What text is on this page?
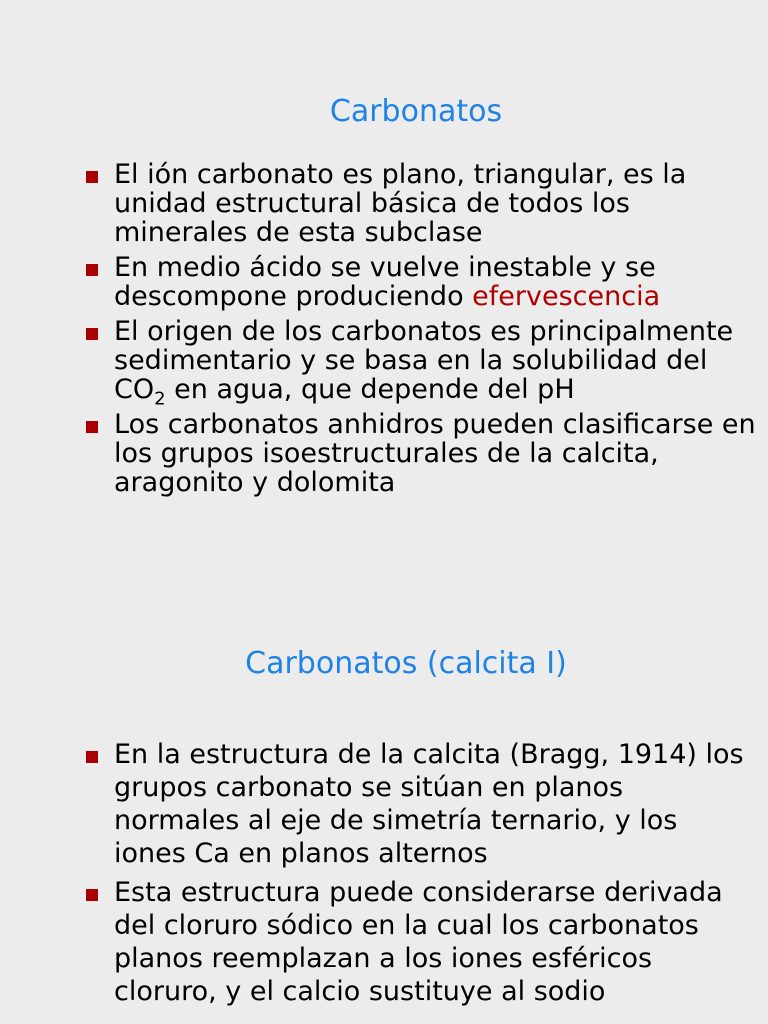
Carbonatos
El ión carbonato es plano, triangular, es la unidad estructural básica de todos los minerales de esta subclase
En medio ácido se vuelve inestable y se descompone produciendo efervescencia
El origen de los carbonatos es principalmente sedimentario y se basa en la solubilidad del $CO_2$ en agua, que depende del pH
Los carbonatos anhidros pueden clasificarse en los grupos isoestructurales de la calcita, aragonito y dolomita
Carbonatos (calcita I)
En la estructura de la calcita (Bragg, 1914) los grupos carbonato se sitúan en planos normales al eje de simetría ternario, y los iones Ca en planos alternos
Esta estructura puede considerarse derivada del cloruro sódico en la cual los carbonatos planos reemplazan a los iones esféricos cloruro, y el calcio sustituye al sodio
